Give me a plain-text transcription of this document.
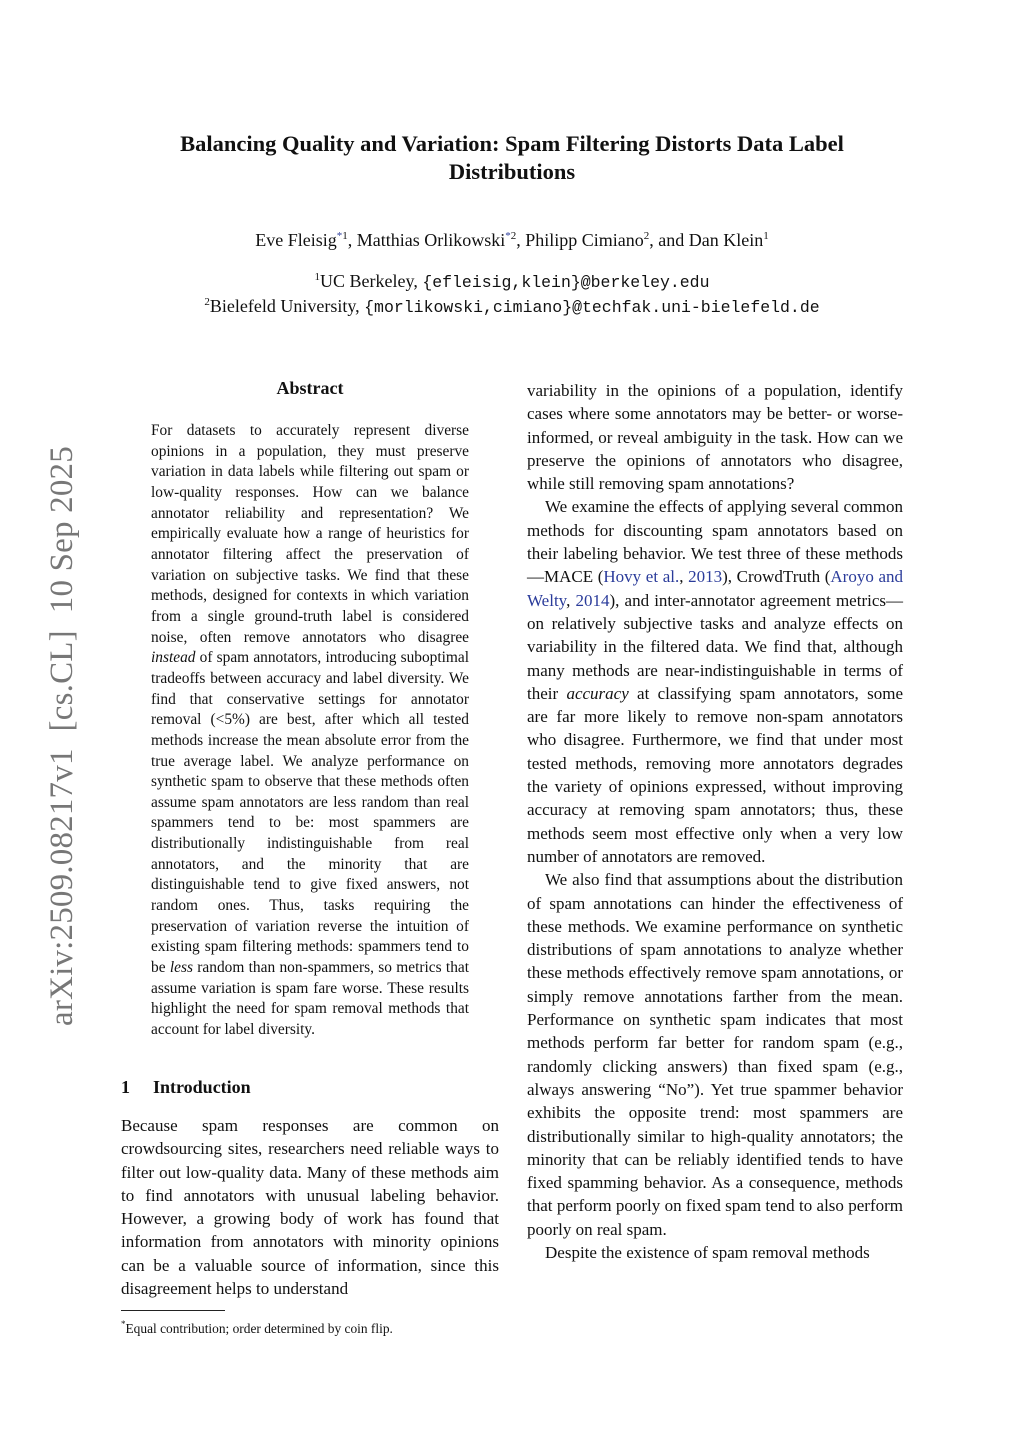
Balancing Quality and Variation: Spam Filtering Distorts Data Label Distributions
Eve Fleisig$^{*1}$, Matthias Orlikowski$^{*2}$, Philipp Cimiano$^2$, and Dan Klein$^1$
$^1$UC Berkeley, {efleisig,klein}@berkeley.edu
$^2$Bielefeld University, {morlikowski,cimiano}@techfak.uni-bielefeld.de
arXiv:2509.08217v1  [cs.CL]  10 Sep 2025
Abstract
For datasets to accurately represent diverse opinions in a population, they must preserve variation in data labels while filtering out spam or low-quality responses. How can we balance annotator reliability and representation? We empirically evaluate how a range of heuristics for annotator filtering affect the preservation of variation on subjective tasks. We find that these methods, designed for contexts in which variation from a single ground-truth label is considered noise, often remove annotators who disagree instead of spam annotators, introducing suboptimal tradeoffs between accuracy and label diversity. We find that conservative settings for annotator removal (<5%) are best, after which all tested methods increase the mean absolute error from the true average label. We analyze performance on synthetic spam to observe that these methods often assume spam annotators are less random than real spammers tend to be: most spammers are distributionally indistinguishable from real annotators, and the minority that are distinguishable tend to give fixed answers, not random ones. Thus, tasks requiring the preservation of variation reverse the intuition of existing spam filtering methods: spammers tend to be less random than non-spammers, so metrics that assume variation is spam fare worse. These results highlight the need for spam removal methods that account for label diversity.
1 Introduction
Because spam responses are common on crowdsourcing sites, researchers need reliable ways to filter out low-quality data. Many of these methods aim to find annotators with unusual labeling behavior. However, a growing body of work has found that information from annotators with minority opinions can be a valuable source of information, since this disagreement helps to understand
*Equal contribution; order determined by coin flip.

variability in the opinions of a population, identify cases where some annotators may be better- or worse-informed, or reveal ambiguity in the task. How can we preserve the opinions of annotators who disagree, while still removing spam annotations?

We examine the effects of applying several common methods for discounting spam annotators based on their labeling behavior. We test three of these methods—MACE (Hovy et al., 2013), CrowdTruth (Aroyo and Welty, 2014), and inter-annotator agreement metrics—on relatively subjective tasks and analyze effects on variability in the filtered data. We find that, although many methods are near-indistinguishable in terms of their accuracy at classifying spam annotators, some are far more likely to remove non-spam annotators who disagree. Furthermore, we find that under most tested methods, removing more annotators degrades the variety of opinions expressed, without improving accuracy at removing spam annotators; thus, these methods seem most effective only when a very low number of annotators are removed.

We also find that assumptions about the distribution of spam annotations can hinder the effectiveness of these methods. We examine performance on synthetic distributions of spam annotations to analyze whether these methods effectively remove spam annotations, or simply remove annotations farther from the mean. Performance on synthetic spam indicates that most methods perform far better for random spam (e.g., randomly clicking answers) than fixed spam (e.g., always answering “No”). Yet true spammer behavior exhibits the opposite trend: most spammers are distributionally similar to high-quality annotators; the minority that can be reliably identified tends to have fixed spamming behavior. As a consequence, methods that perform poorly on fixed spam tend to also perform poorly on real spam.

Despite the existence of spam removal methods
